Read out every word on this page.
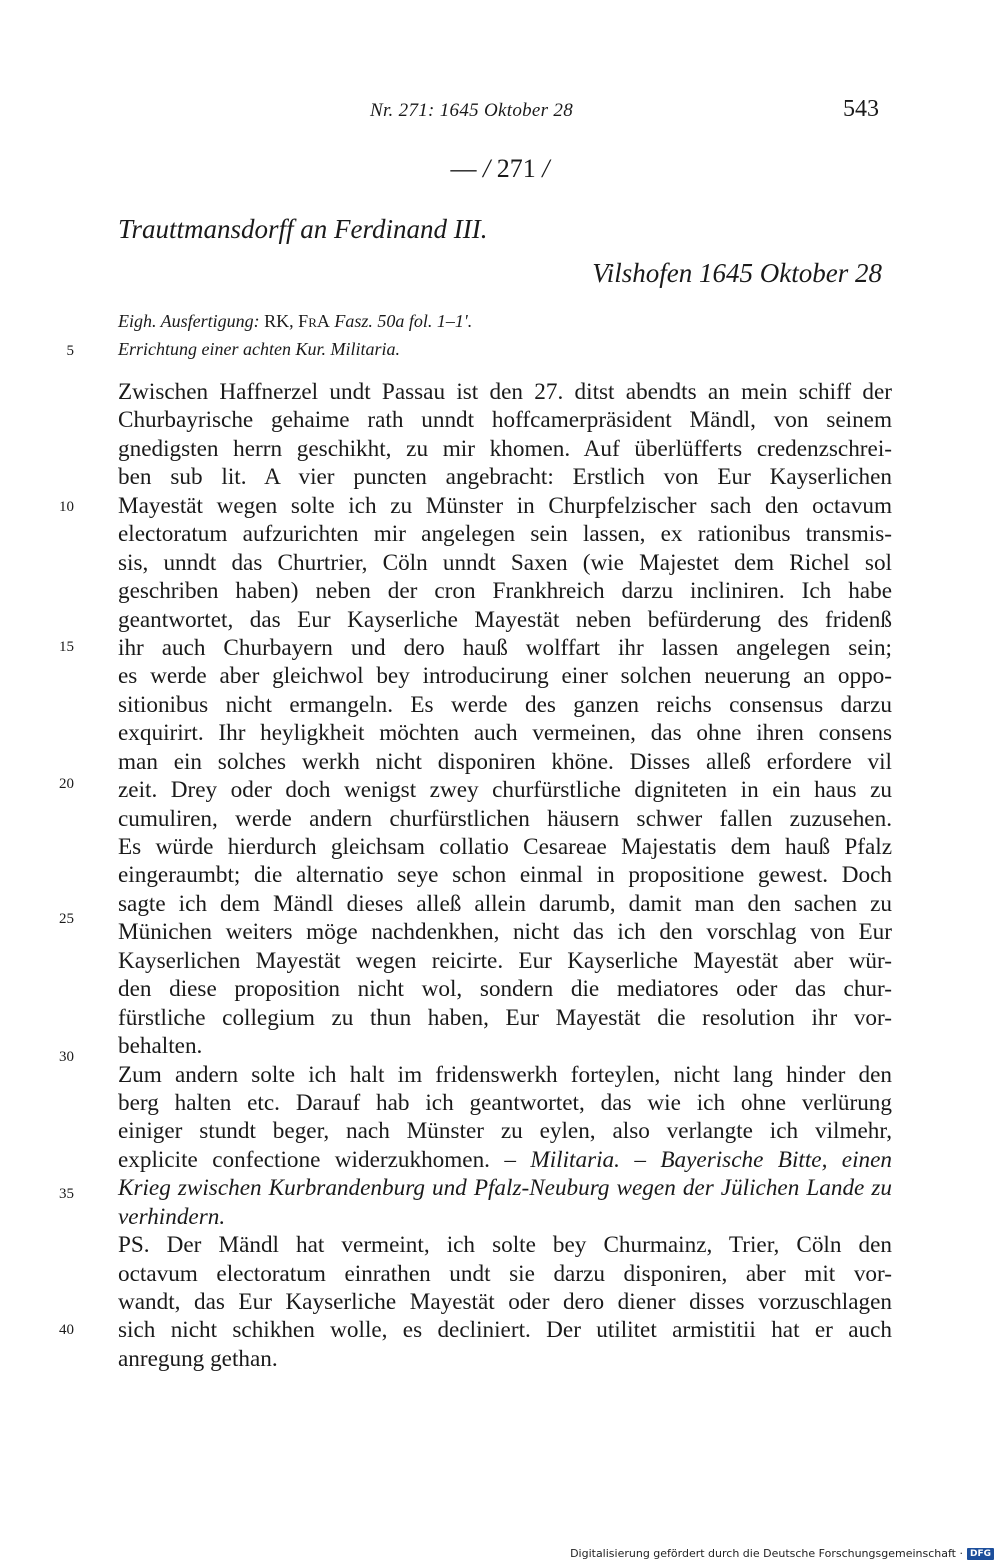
Nr. 271: 1645 Oktober 28	543
— / 271 /
Trauttmansdorff an Ferdinand III.
Vilshofen 1645 Oktober 28
Eigh. Ausfertigung: RK, FrA Fasz. 50a fol. 1–1'.
Errichtung einer achten Kur. Militaria.
5
10
15
20
25
30
35
40
Zwischen Haffnerzel undt Passau ist den 27. ditst abendts an mein schiff der
Churbayrische gehaime rath unndt hoffcamerpräsident Mändl, von seinem
gnedigsten herrn geschikht, zu mir khomen. Auf überlüfferts credenzschrei-
ben sub lit. A vier puncten angebracht: Erstlich von Eur Kayserlichen
Mayestät wegen solte ich zu Münster in Churpfelzischer sach den octavum
electoratum aufzurichten mir angelegen sein lassen, ex rationibus transmis-
sis, unndt das Churtrier, Cöln unndt Saxen (wie Majestet dem Richel sol
geschriben haben) neben der cron Frankhreich darzu incliniren. Ich habe
geantwortet, das Eur Kayserliche Mayestät neben befürderung des fridenß
ihr auch Churbayern und dero hauß wolffart ihr lassen angelegen sein;
es werde aber gleichwol bey introducirung einer solchen neuerung an oppo-
sitionibus nicht ermangeln. Es werde des ganzen reichs consensus darzu
exquirirt. Ihr heyligkheit möchten auch vermeinen, das ohne ihren consens
man ein solches werkh nicht disponiren khöne. Disses alleß erfordere vil
zeit. Drey oder doch wenigst zwey churfürstliche digniteten in ein haus zu
cumuliren, werde andern churfürstlichen häusern schwer fallen zuzusehen.
Es würde hierdurch gleichsam collatio Cesareae Majestatis dem hauß Pfalz
eingeraumbt; die alternatio seye schon einmal in propositione gewest. Doch
sagte ich dem Mändl dieses alleß allein darumb, damit man den sachen zu
Münichen weiters möge nachdenkhen, nicht das ich den vorschlag von Eur
Kayserlichen Mayestät wegen reicirte. Eur Kayserliche Mayestät aber wür-
den diese proposition nicht wol, sondern die mediatores oder das chur-
fürstliche collegium zu thun haben, Eur Mayestät die resolution ihr vor-
behalten.
Zum andern solte ich halt im fridenswerkh forteylen, nicht lang hinder den
berg halten etc. Darauf hab ich geantwortet, das wie ich ohne verlürung
einiger stundt beger, nach Münster zu eylen, also verlangte ich vilmehr,
explicite confectione widerzukhomen. – Militaria. – Bayerische Bitte, einen
Krieg zwischen Kurbrandenburg und Pfalz-Neuburg wegen der Jülichen Lande zu
verhindern.
PS. Der Mändl hat vermeint, ich solte bey Churmainz, Trier, Cöln den
octavum electoratum einrathen undt sie darzu disponiren, aber mit vor-
wandt, das Eur Kayserliche Mayestät oder dero diener disses vorzuschlagen
sich nicht schikhen wolle, es decliniert. Der utilitet armistitii hat er auch
anregung gethan.
Digitalisierung gefördert durch die Deutsche Forschungsgemeinschaft · DFG
